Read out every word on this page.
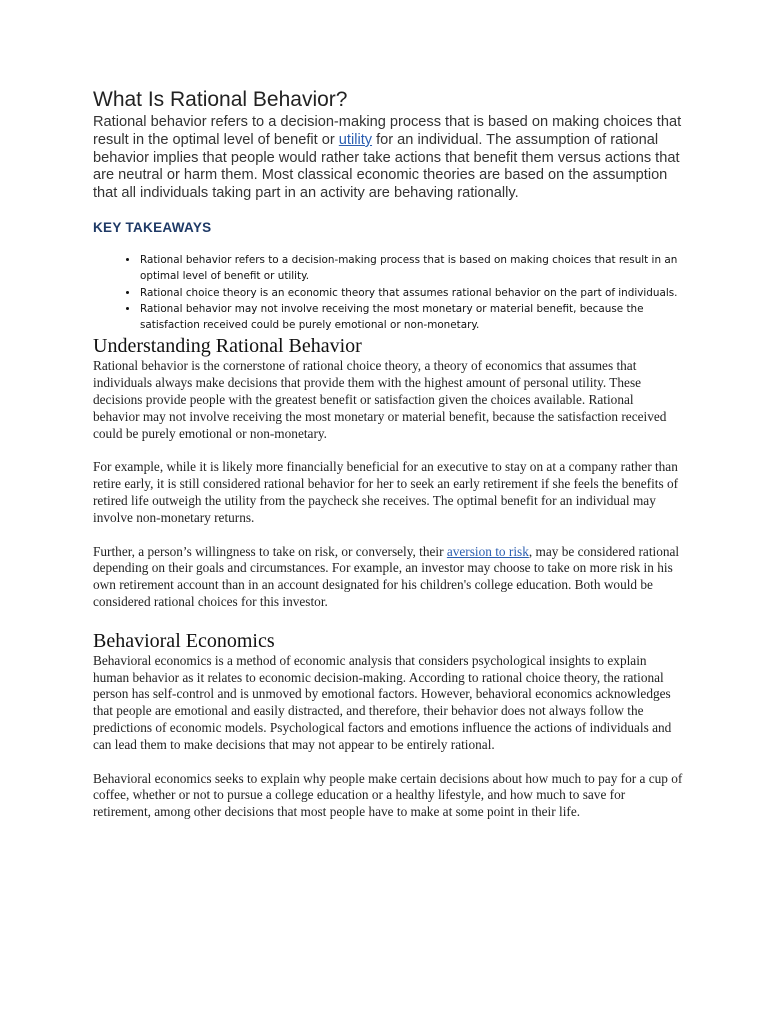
What Is Rational Behavior?

Rational behavior refers to a decision-making process that is based on making choices that result in the optimal level of benefit or utility for an individual. The assumption of rational behavior implies that people would rather take actions that benefit them versus actions that are neutral or harm them. Most classical economic theories are based on the assumption that all individuals taking part in an activity are behaving rationally.

KEY TAKEAWAYS
• Rational behavior refers to a decision-making process that is based on making choices that result in an optimal level of benefit or utility.
• Rational choice theory is an economic theory that assumes rational behavior on the part of individuals.
• Rational behavior may not involve receiving the most monetary or material benefit, because the satisfaction received could be purely emotional or non-monetary.
Understanding Rational Behavior

Rational behavior is the cornerstone of rational choice theory, a theory of economics that assumes that individuals always make decisions that provide them with the highest amount of personal utility. These decisions provide people with the greatest benefit or satisfaction given the choices available. Rational behavior may not involve receiving the most monetary or material benefit, because the satisfaction received could be purely emotional or non-monetary.

For example, while it is likely more financially beneficial for an executive to stay on at a company rather than retire early, it is still considered rational behavior for her to seek an early retirement if she feels the benefits of retired life outweigh the utility from the paycheck she receives. The optimal benefit for an individual may involve non-monetary returns.

Further, a person’s willingness to take on risk, or conversely, their aversion to risk, may be considered rational depending on their goals and circumstances. For example, an investor may choose to take on more risk in his own retirement account than in an account designated for his children's college education. Both would be considered rational choices for this investor.

Behavioral Economics

Behavioral economics is a method of economic analysis that considers psychological insights to explain human behavior as it relates to economic decision-making. According to rational choice theory, the rational person has self-control and is unmoved by emotional factors. However, behavioral economics acknowledges that people are emotional and easily distracted, and therefore, their behavior does not always follow the predictions of economic models. Psychological factors and emotions influence the actions of individuals and can lead them to make decisions that may not appear to be entirely rational.

Behavioral economics seeks to explain why people make certain decisions about how much to pay for a cup of coffee, whether or not to pursue a college education or a healthy lifestyle, and how much to save for retirement, among other decisions that most people have to make at some point in their life.
